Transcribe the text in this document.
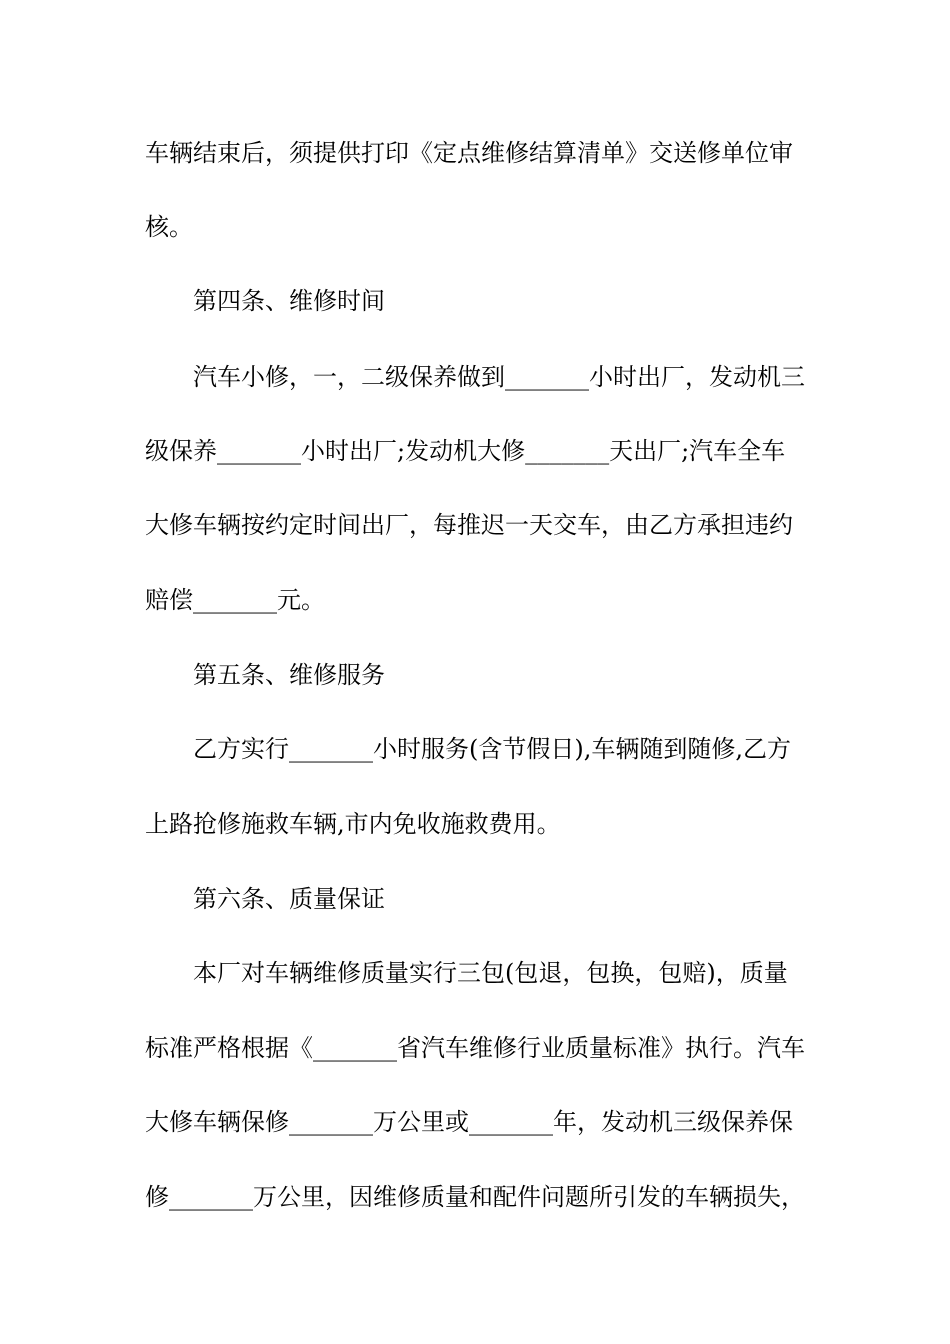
车辆结束后，须提供打印《定点维修结算清单》交送修单位审
核。
第四条、维修时间
汽车小修，一，二级保养做到_______小时出厂，发动机三
级保养_______小时出厂;发动机大修_______天出厂;汽车全车
大修车辆按约定时间出厂，每推迟一天交车，由乙方承担违约
赔偿_______元。
第五条、维修服务
乙方实行_______小时服务(含节假日),车辆随到随修,乙方
上路抢修施救车辆,市内免收施救费用。
第六条、质量保证
本厂对车辆维修质量实行三包(包退，包换，包赔)，质量
标准严格根据《_______省汽车维修行业质量标准》执行。汽车
大修车辆保修_______万公里或_______年，发动机三级保养保
修_______万公里，因维修质量和配件问题所引发的车辆损失，
